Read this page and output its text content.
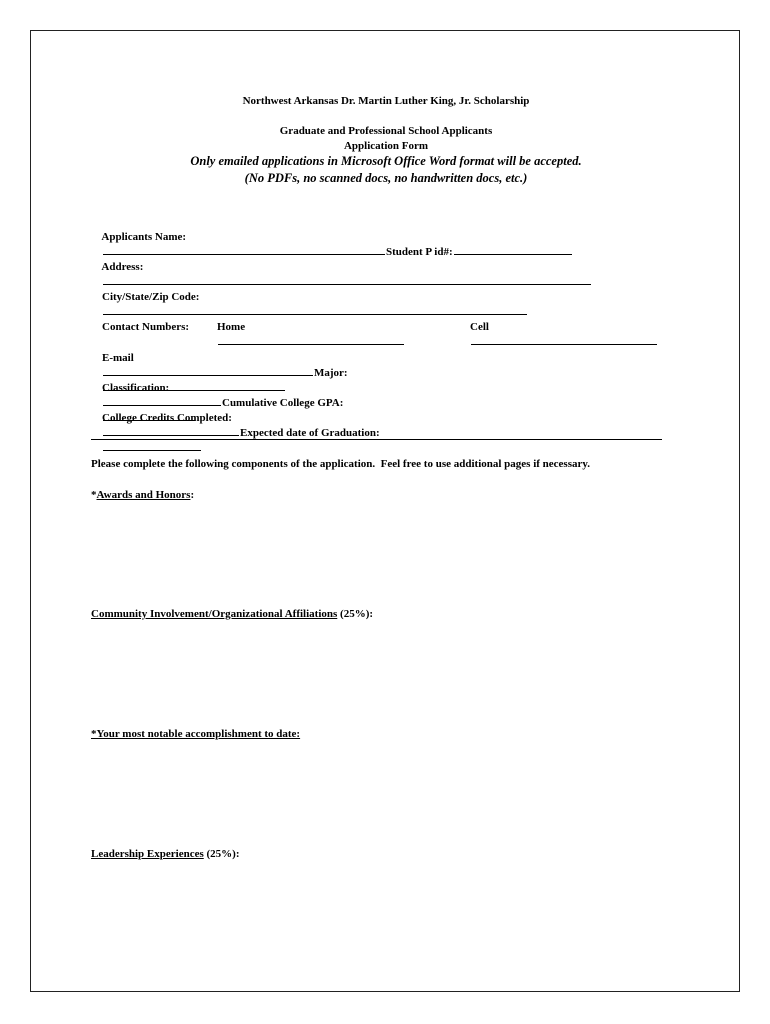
Northwest Arkansas Dr. Martin Luther King, Jr. Scholarship
Graduate and Professional School Applicants
Application Form
Only emailed applications in Microsoft Office Word format will be accepted.
(No PDFs, no scanned docs, no handwritten docs, etc.)

Applicants Name:
Student P id#:

Address:

City/State/Zip Code:

Contact Numbers:
	Home

	Cell

E-mail
Major:

Classification:
Cumulative College GPA:

College Credits Completed:
Expected date of Graduation:

Please complete the following components of the application.  Feel free to use additional pages if necessary.
*Awards and Honors:
Community Involvement/Organizational Affiliations (25%):
*Your most notable accomplishment to date:
Leadership Experiences (25%):
